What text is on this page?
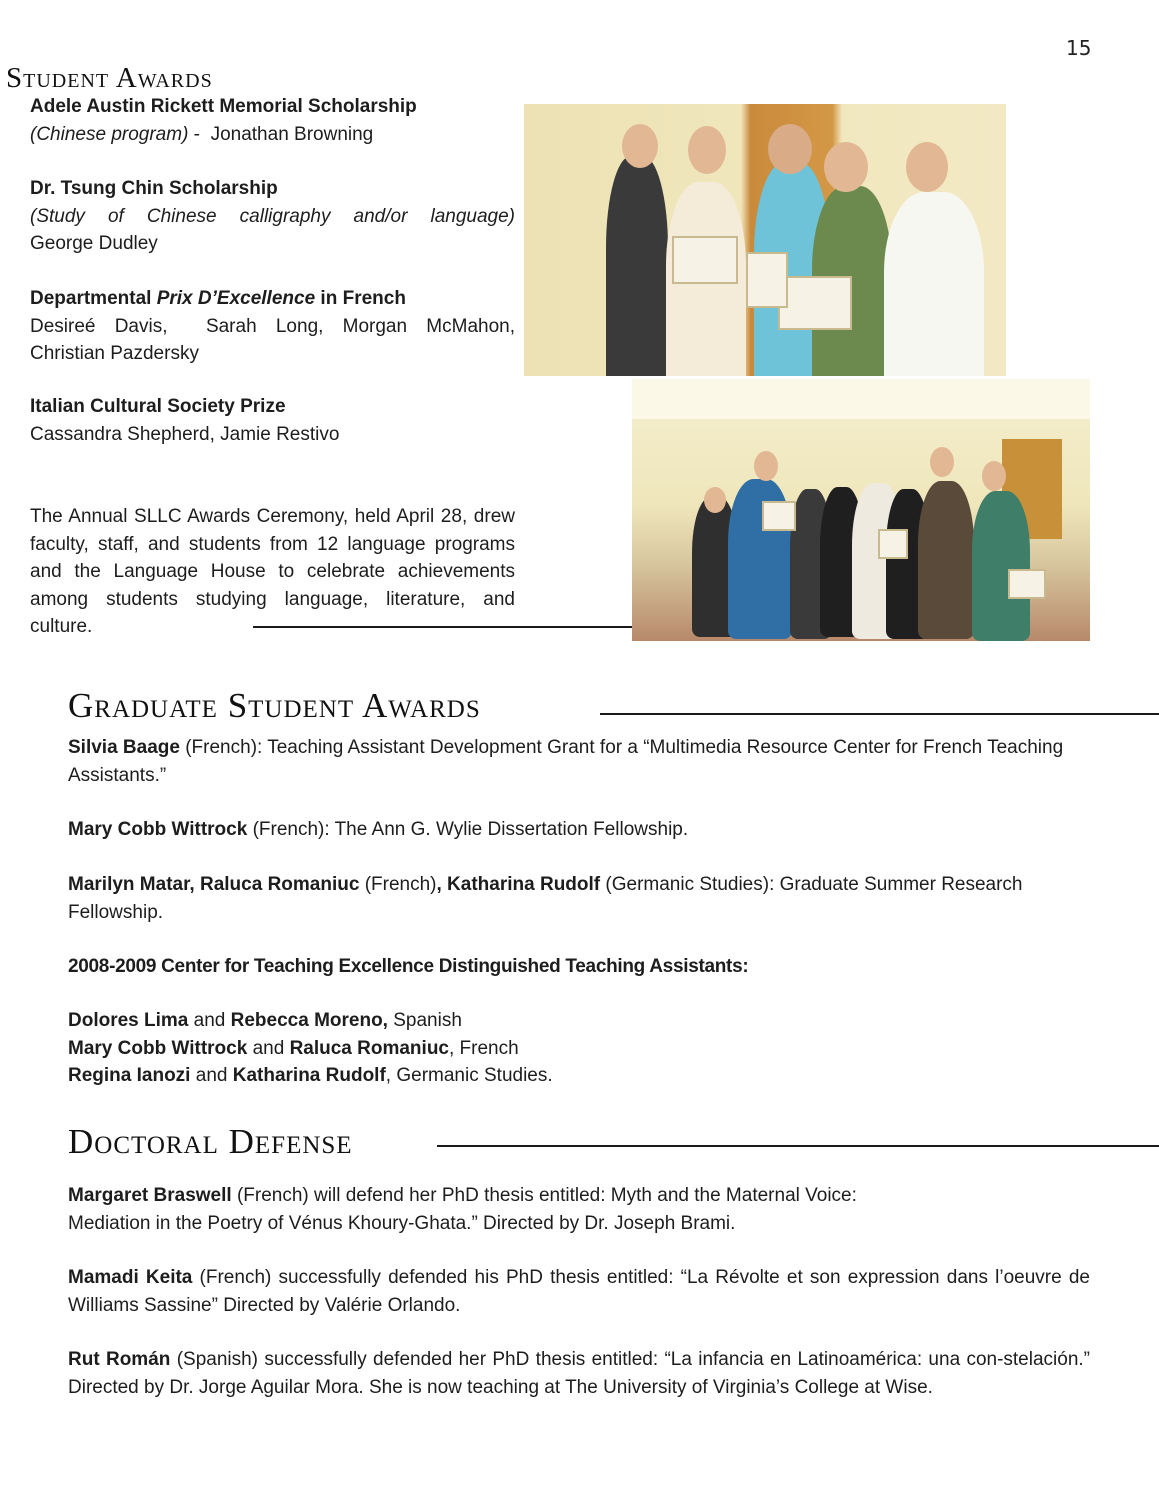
15
Student Awards
Adele Austin Rickett Memorial Scholarship
(Chinese program) -  Jonathan Browning
Dr. Tsung Chin Scholarship
(Study of Chinese calligraphy and/or language)
George Dudley
Departmental Prix D’Excellence in French
Desireé Davis,  Sarah Long, Morgan McMahon,
Christian Pazdersky
Italian Cultural Society Prize
Cassandra Shepherd, Jamie Restivo
The Annual SLLC Awards Ceremony, held April 28, drew faculty, staff, and students from 12 language programs and the Language House to celebrate achievements among students studying language, literature, and culture.
Graduate Student Awards
Silvia Baage (French): Teaching Assistant Development Grant for a “Multimedia Resource Center for French Teaching Assistants.”
Mary Cobb Wittrock (French): The Ann G. Wylie Dissertation Fellowship.
Marilyn Matar, Raluca Romaniuc (French), Katharina Rudolf (Germanic Studies): Graduate Summer Research Fellowship.
2008-2009 Center for Teaching Excellence Distinguished Teaching Assistants:
Dolores Lima and Rebecca Moreno, Spanish
Mary Cobb Wittrock and Raluca Romaniuc, French
Regina Ianozi and Katharina Rudolf, Germanic Studies.
Doctoral Defense
Margaret Braswell (French) will defend her PhD thesis entitled: Myth and the Maternal Voice:
Mediation in the Poetry of Vénus Khoury-Ghata.” Directed by Dr. Joseph Brami.
Mamadi Keita (French) successfully defended his PhD thesis entitled: “La Révolte et son expression dans l’oeuvre de Williams Sassine” Directed by Valérie Orlando.
Rut Román (Spanish) successfully defended her PhD thesis entitled: “La infancia en Latinoamérica: una con-stelación.” Directed by Dr. Jorge Aguilar Mora. She is now teaching at The University of Virginia’s College at Wise.
